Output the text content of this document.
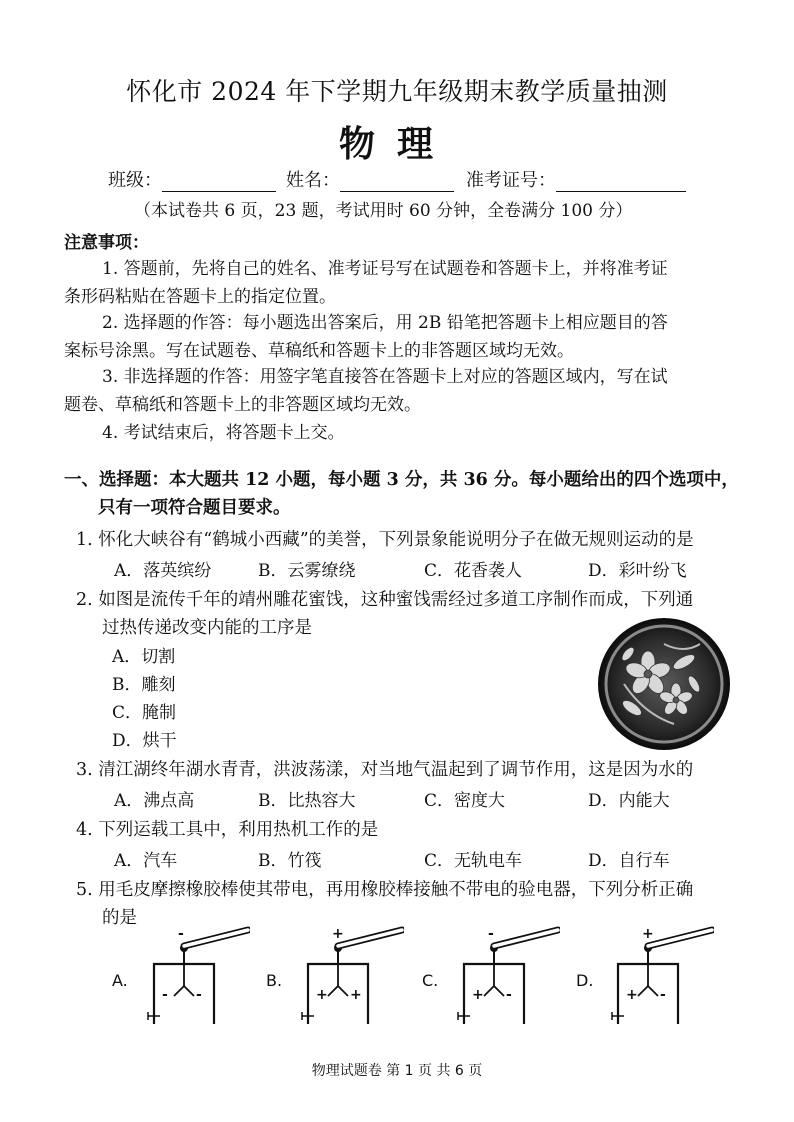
怀化市 2024 年下学期九年级期末教学质量抽测
物理
班级：	姓名：	准考证号：
（本试卷共 6 页，23 题，考试用时 60 分钟，全卷满分 100 分）
注意事项：
1. 答题前，先将自己的姓名、准考证号写在试题卷和答题卡上，并将准考证
条形码粘贴在答题卡上的指定位置。
2. 选择题的作答：每小题选出答案后，用 2B 铅笔把答题卡上相应题目的答
案标号涂黑。写在试题卷、草稿纸和答题卡上的非答题区域均无效。
3. 非选择题的作答：用签字笔直接答在答题卡上对应的答题区域内，写在试
题卷、草稿纸和答题卡上的非答题区域均无效。
4. 考试结束后，将答题卡上交。
一、选择题：本大题共 12 小题，每小题 3 分，共 36 分。每小题给出的四个选项中，
只有一项符合题目要求。
1. 怀化大峡谷有“鹤城小西藏”的美誉，下列景象能说明分子在做无规则运动的是
A．落英缤纷	B．云雾缭绕	C．花香袭人	D．彩叶纷飞
2. 如图是流传千年的靖州雕花蜜饯，这种蜜饯需经过多道工序制作而成，下列通
过热传递改变内能的工序是
A．切割
B．雕刻
C．腌制
D．烘干
3. 清江湖终年湖水青青，洪波荡漾，对当地气温起到了调节作用，这是因为水的
A．沸点高	B．比热容大	C．密度大	D．内能大
4. 下列运载工具中，利用热机工作的是
A．汽车	B．竹筏	C．无轨电车	D．自行车
5. 用毛皮摩擦橡胶棒使其带电，再用橡胶棒接触不带电的验电器，下列分析正确
的是
A.
-
- -
B.
+
+ +
C.
-
+ -
D.
+
+ -
物理试题卷 第 1 页 共 6 页
